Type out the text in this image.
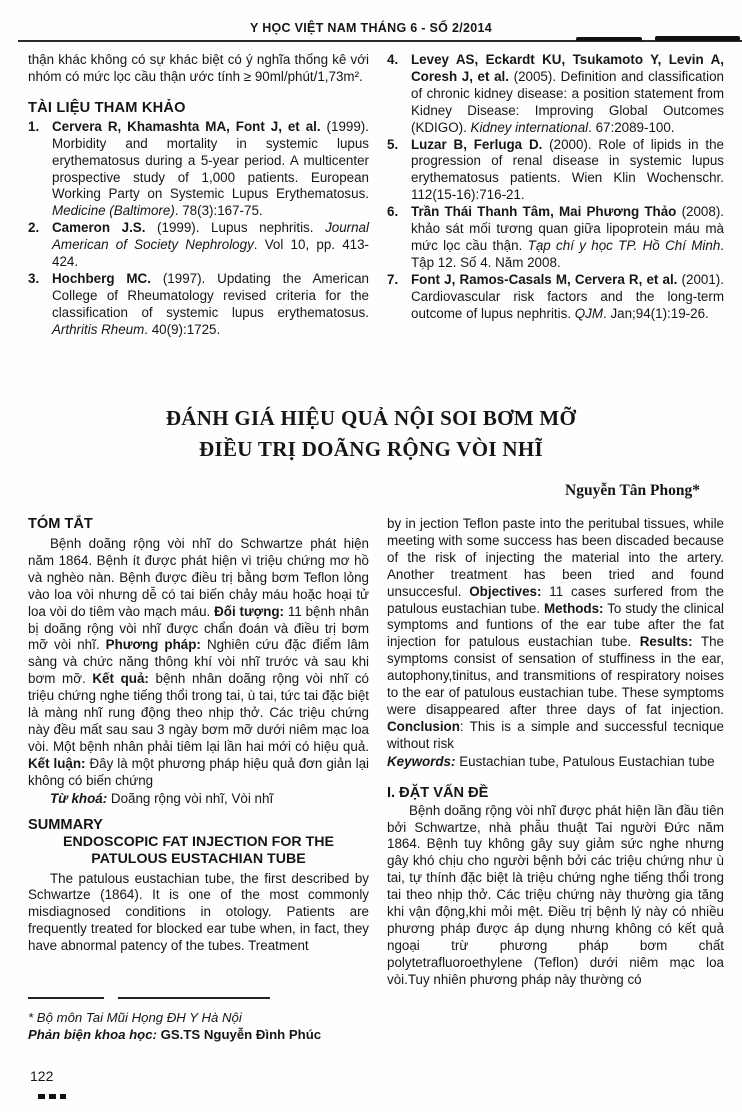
Y HỌC VIỆT NAM THÁNG 6 - SỐ 2/2014

thận khác không có sự khác biệt có ý nghĩa thống kê với nhóm có mức lọc cầu thận ước tính ≥ 90ml/phút/1,73m².

TÀI LIỆU THAM KHẢO
1. Cervera R, Khamashta MA, Font J, et al. (1999). Morbidity and mortality in systemic lupus erythematosus during a 5-year period. A multicenter prospective study of 1,000 patients. European Working Party on Systemic Lupus Erythematosus. Medicine (Baltimore). 78(3):167-75.
2. Cameron J.S. (1999). Lupus nephritis. Journal American of Society Nephrology. Vol 10, pp. 413-424.
3. Hochberg MC. (1997). Updating the American College of Rheumatology revised criteria for the classification of systemic lupus erythematosus. Arthritis Rheum. 40(9):1725.
4. Levey AS, Eckardt KU, Tsukamoto Y, Levin A, Coresh J, et al. (2005). Definition and classification of chronic kidney disease: a position statement from Kidney Disease: Improving Global Outcomes (KDIGO). Kidney international. 67:2089-100.
5. Luzar B, Ferluga D. (2000). Role of lipids in the progression of renal disease in systemic lupus erythematosus patients. Wien Klin Wochenschr. 112(15-16):716-21.
6. Trần Thái Thanh Tâm, Mai Phương Thảo (2008). khảo sát mối tương quan giữa lipoprotein máu mà mức lọc cầu thận. Tạp chí y học TP. Hồ Chí Minh. Tập 12. Số 4. Năm 2008.
7. Font J, Ramos-Casals M, Cervera R, et al. (2001). Cardiovascular risk factors and the long-term outcome of lupus nephritis. QJM. Jan;94(1):19-26.
ĐÁNH GIÁ HIỆU QUẢ NỘI SOI BƠM MỠ
ĐIỀU TRỊ DOÃNG RỘNG VÒI NHĨ
Nguyễn Tân Phong*
TÓM TẮT

Bệnh doãng rộng vòi nhĩ do Schwartze phát hiện năm 1864. Bệnh ít được phát hiện vì triệu chứng mơ hồ và nghèo nàn. Bệnh được điều trị bằng bơm Teflon lỏng vào loa vòi nhưng dễ có tai biến chảy máu hoặc hoại tử loa vòi do tiêm vào mạch máu. Đối tượng: 11 bệnh nhân bị doãng rộng vòi nhĩ được chẩn đoán và điều trị bơm mỡ vòi nhĩ. Phương pháp: Nghiên cứu đặc điểm lâm sàng và chức năng thông khí vòi nhĩ trước và sau khi bơm mỡ. Kết quả: bệnh nhân doãng rộng vòi nhĩ có triệu chứng nghe tiếng thổi trong tai, ù tai, tức tai đặc biệt là màng nhĩ rung động theo nhịp thở. Các triệu chứng này đều mất sau sau 3 ngày bơm mỡ dưới niêm mạc loa vòi. Một bệnh nhân phải tiêm lại lần hai mới có hiệu quả. Kết luận: Đây là một phương pháp hiệu quả đơn giản lại không có biến chứng

Từ khoá: Doãng rộng vòi nhĩ, Vòi nhĩ

SUMMARY
ENDOSCOPIC FAT INJECTION FOR THE
PATULOUS EUSTACHIAN TUBE

The patulous eustachian tube, the first described by Schwartze (1864). It is one of the most commonly misdiagnosed conditions in otology. Patients are frequently treated for blocked ear tube when, in fact, they have abnormal patency of the tubes. Treatment

by in jection Teflon paste into the peritubal tissues, while meeting with some success has been discaded because of the risk of injecting the material into the artery. Another treatment has been tried and found unsuccesful. Objectives: 11 cases surfered from the patulous eustachian tube. Methods: To study the clinical symptoms and funtions of the ear tube after the fat injection for patulous eustachian tube. Results: The symptoms consist of sensation of stuffiness in the ear, autophony,tinitus, and transmitions of respiratory noises to the ear of patulous eustachian tube. These symptoms were disappeared after three days of fat injection. Conclusion: This is a simple and successful tecnique without risk

Keywords: Eustachian tube, Patulous Eustachian tube

I. ĐẶT VẤN ĐỀ

Bệnh doãng rộng vòi nhĩ được phát hiện lần đầu tiên bởi Schwartze, nhà phẫu thuật Tai người Đức năm 1864. Bệnh tuy không gây suy giảm sức nghe nhưng gây khó chịu cho người bệnh bởi các triệu chứng như ù tai, tự thính đặc biệt là triệu chứng nghe tiếng thổi trong tai theo nhịp thở. Các triệu chứng này thường gia tăng khi vận động,khi mỏi mệt. Điều trị bệnh lý này có nhiều phương pháp được áp dụng nhưng không có kết quả ngoại trừ phương pháp bơm chất polytetrafluoroethylene (Teflon) dưới niêm mạc loa vòi.Tuy nhiên phương pháp này thường có

* Bộ môn Tai Mũi Họng ĐH Y Hà Nội
Phản biện khoa học: GS.TS Nguyễn Đình Phúc
122
